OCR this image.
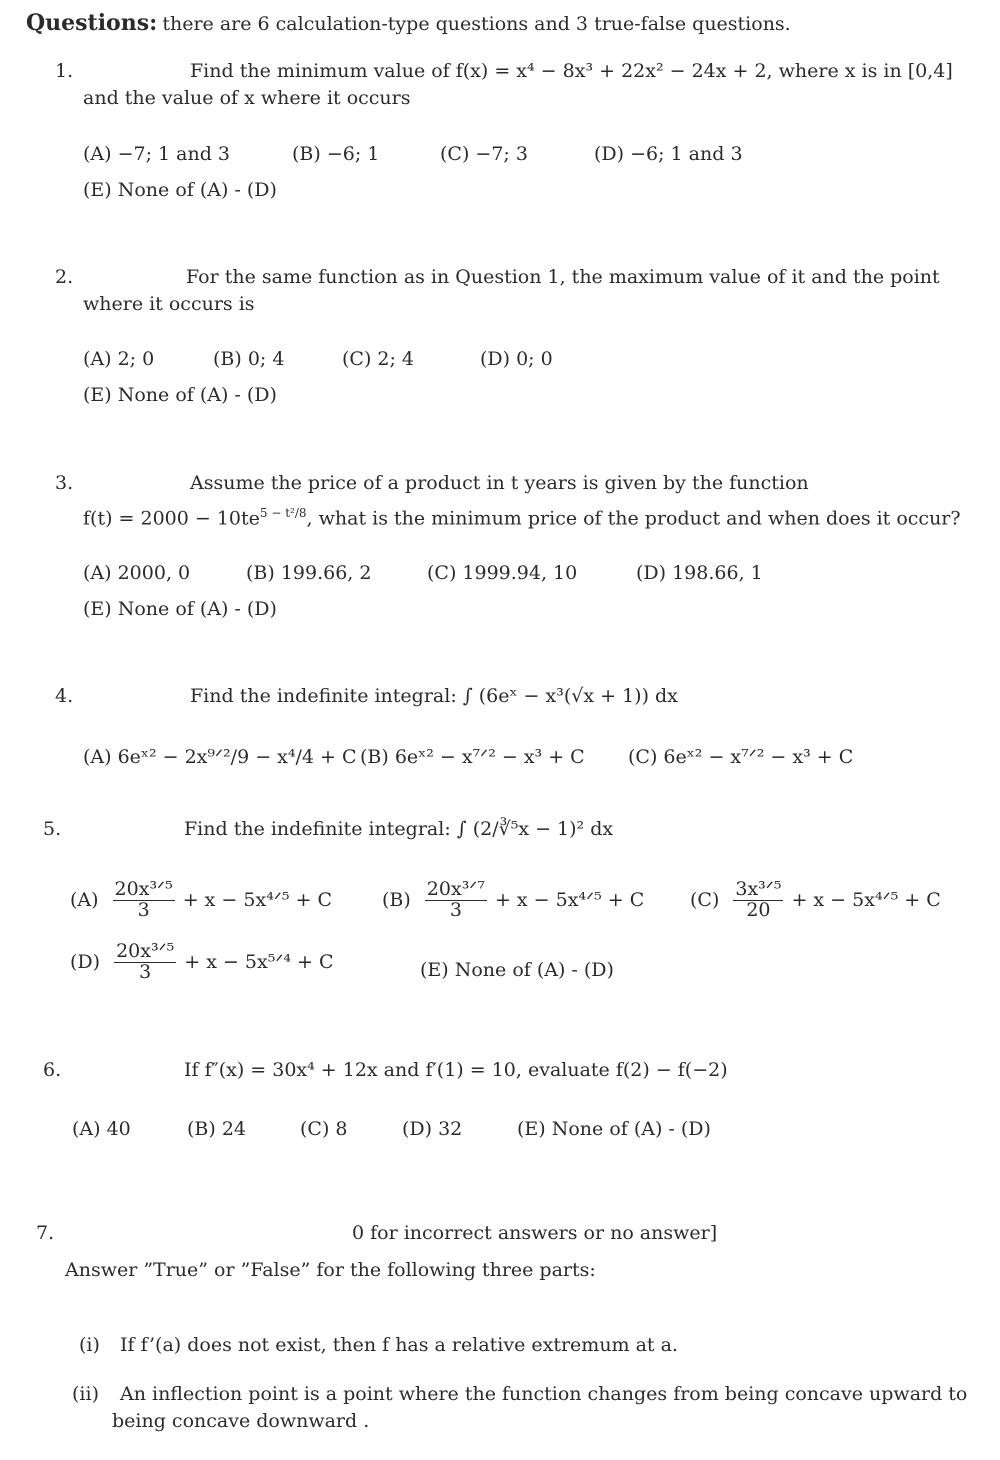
Questions: there are 6 calculation-type questions and 3 true-false questions.
1.	Find the minimum value of f(x) = x⁴ − 8x³ + 22x² − 24x + 2, where x is in [0,4]
and the value of x where it occurs
(A) −7; 1 and 3	(B) −6; 1	(C) −7; 3	(D) −6; 1 and 3
(E) None of (A) - (D)
2.	For the same function as in Question 1, the maximum value of it and the point
where it occurs is
(A) 2; 0	(B) 0; 4	(C) 2; 4	(D) 0; 0
(E) None of (A) - (D)
3.	Assume the price of a product in t years is given by the function
$f(t) = 2000 - 10te^{5 - t^2/8}$, what is the minimum price of the product and when does it occur?
(A) 2000, 0	(B) 199.66, 2	(C) 1999.94, 10	(D) 198.66, 1
(E) None of (A) - (D)
4.	Find the indefinite integral: ∫ (6eˣ − x³(√x + 1)) dx
(A) 6eˣ² − 2x⁹ᐟ²/9 − x⁴/4 + C (B) 6eˣ² − x⁷ᐟ² − x³ + C (C) 6eˣ² − x⁷ᐟ² − x³ + C
5.	Find the indefinite integral: ∫ (2/∛⁵x − 1)² dx
$(A) \frac{\text{20x³ᐟ⁵}}{3} + x$ − 5x⁴ᐟ⁵ + C	$(B) \frac{\text{20x³ᐟ⁷}}{3} + x$ − 5x⁴ᐟ⁵ + C $(C) \frac{\text{3x³ᐟ⁵}}{20} + x$ − 5x⁴ᐟ⁵ + C
$(D) \frac{\text{20x³ᐟ⁵}}{3} + x$ − 5x⁵ᐟ⁴ + C	(E) None of (A) - (D)
6.	If f″(x) = 30x⁴ + 12x and f′(1) = 10, evaluate f(2) − f(−2)
(A) 40	(B) 24	(C) 8	(D) 32	(E) None of (A) - (D)
7.	0 for incorrect answers or no answer]
Answer ”True” or ”False” for the following three parts:
(i) If f’(a) does not exist, then f has a relative extremum at a.
(ii) An inflection point is a point where the function changes from being concave upward to
being concave downward .
